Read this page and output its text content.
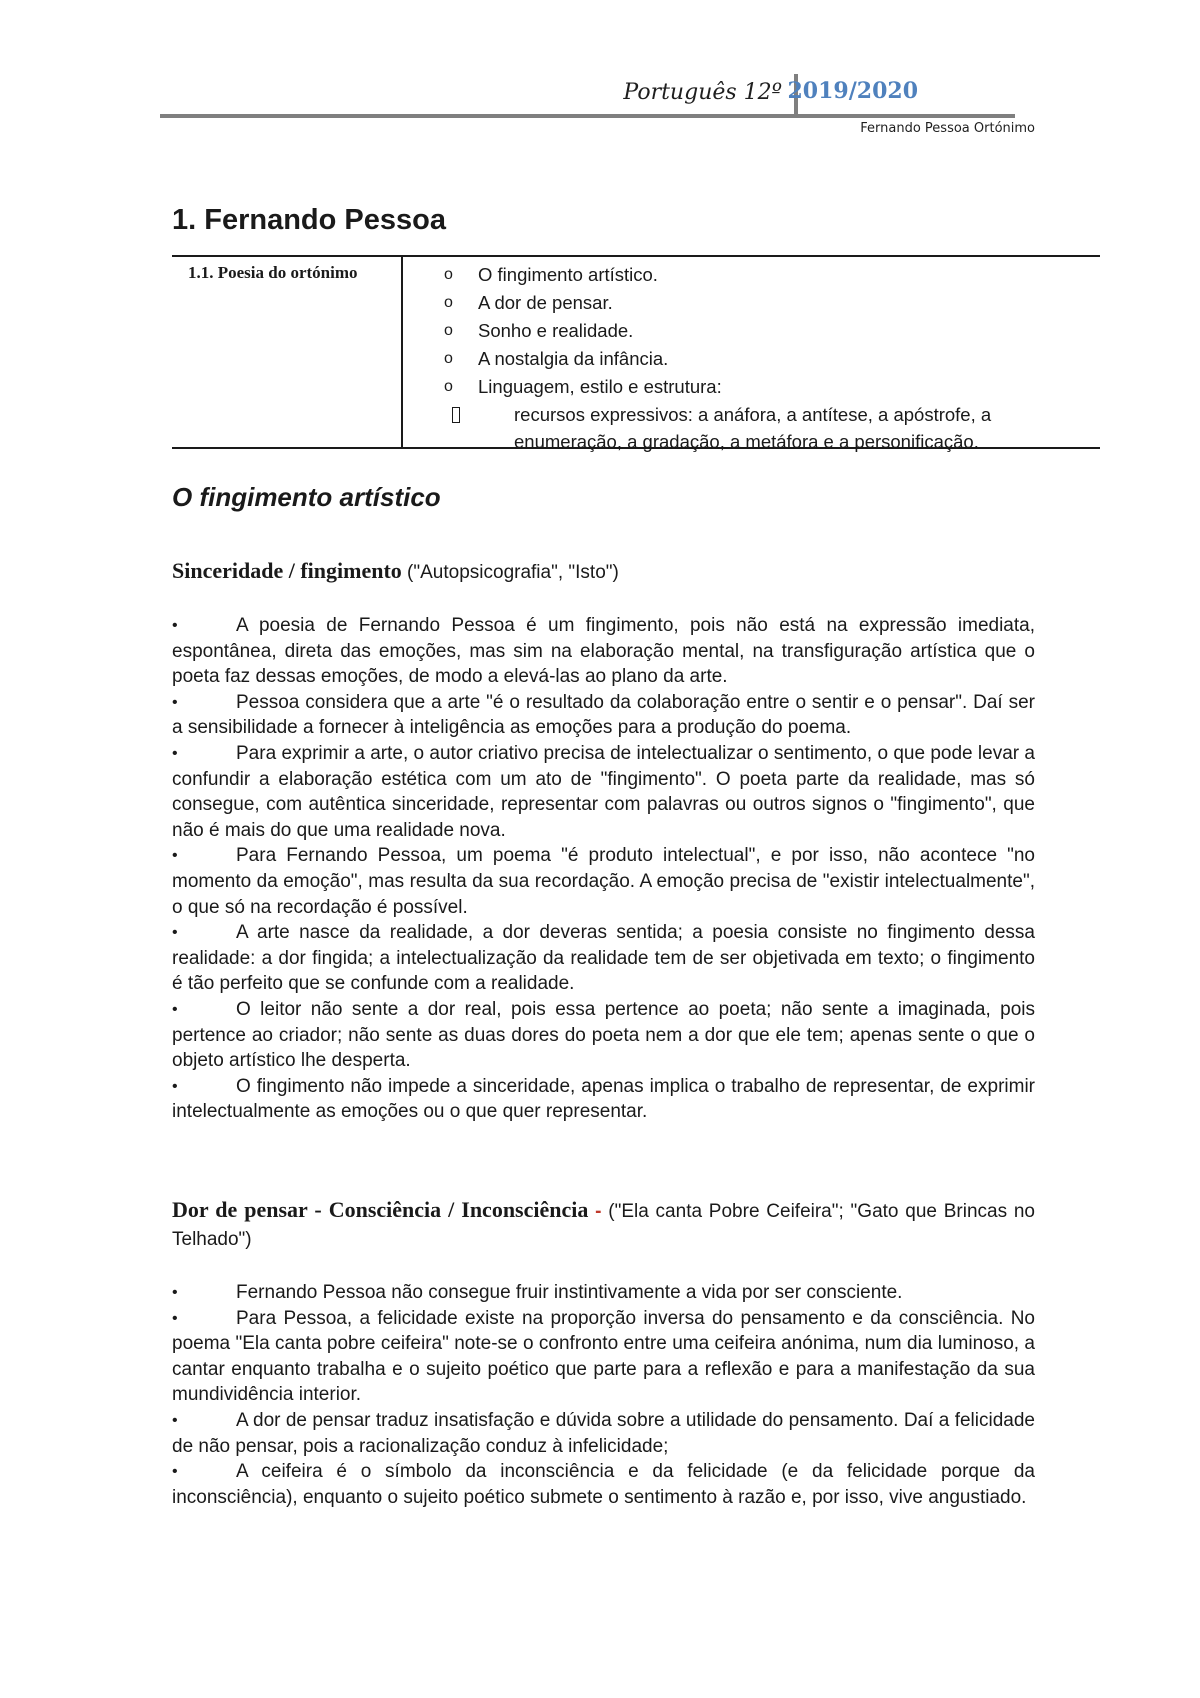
Português 12º 2019/2020
Fernando Pessoa Ortónimo
1. Fernando Pessoa
1.1. Poesia do ortónimo	o O fingimento artístico.
o A dor de pensar.
o Sonho e realidade.
o A nostalgia da infância.
o Linguagem, estilo e estrutura:
recursos expressivos: a anáfora, a antítese, a apóstrofe, a enumeração, a gradação, a metáfora e a personificação.
O fingimento artístico
Sinceridade / fingimento ("Autopsicografia", "Isto")
•	A poesia de Fernando Pessoa é um fingimento, pois não está na expressão imediata, espontânea, direta das emoções, mas sim na elaboração mental, na transfiguração artística que o poeta faz dessas emoções, de modo a elevá-las ao plano da arte.
•	Pessoa considera que a arte "é o resultado da colaboração entre o sentir e o pensar". Daí ser a sensibilidade a fornecer à inteligência as emoções para a produção do poema.
•	Para exprimir a arte, o autor criativo precisa de intelectualizar o sentimento, o que pode levar a confundir a elaboração estética com um ato de "fingimento". O poeta parte da realidade, mas só consegue, com autêntica sinceridade, representar com palavras ou outros signos o "fingimento", que não é mais do que uma realidade nova.
•	Para Fernando Pessoa, um poema "é produto intelectual", e por isso, não acontece "no momento da emoção", mas resulta da sua recordação. A emoção precisa de "existir intelectualmente", o que só na recordação é possível.
•	A arte nasce da realidade, a dor deveras sentida; a poesia consiste no fingimento dessa realidade: a dor fingida; a intelectualização da realidade tem de ser objetivada em texto; o fingimento é tão perfeito que se confunde com a realidade.
•	O leitor não sente a dor real, pois essa pertence ao poeta; não sente a imaginada, pois pertence ao criador; não sente as duas dores do poeta nem a dor que ele tem; apenas sente o que o objeto artístico lhe desperta.
•	O fingimento não impede a sinceridade, apenas implica o trabalho de representar, de exprimir intelectualmente as emoções ou o que quer representar.
Dor de pensar - Consciência / Inconsciência - ("Ela canta Pobre Ceifeira"; "Gato que Brincas no Telhado")
•	Fernando Pessoa não consegue fruir instintivamente a vida por ser consciente.
•	Para Pessoa, a felicidade existe na proporção inversa do pensamento e da consciência. No poema "Ela canta pobre ceifeira" note-se o confronto entre uma ceifeira anónima, num dia luminoso, a cantar enquanto trabalha e o sujeito poético que parte para a reflexão e para a manifestação da sua mundividência interior.
•	A dor de pensar traduz insatisfação e dúvida sobre a utilidade do pensamento. Daí a felicidade de não pensar, pois a racionalização conduz à infelicidade;
•	A ceifeira é o símbolo da inconsciência e da felicidade (e da felicidade porque da inconsciência), enquanto o sujeito poético submete o sentimento à razão e, por isso, vive angustiado.
